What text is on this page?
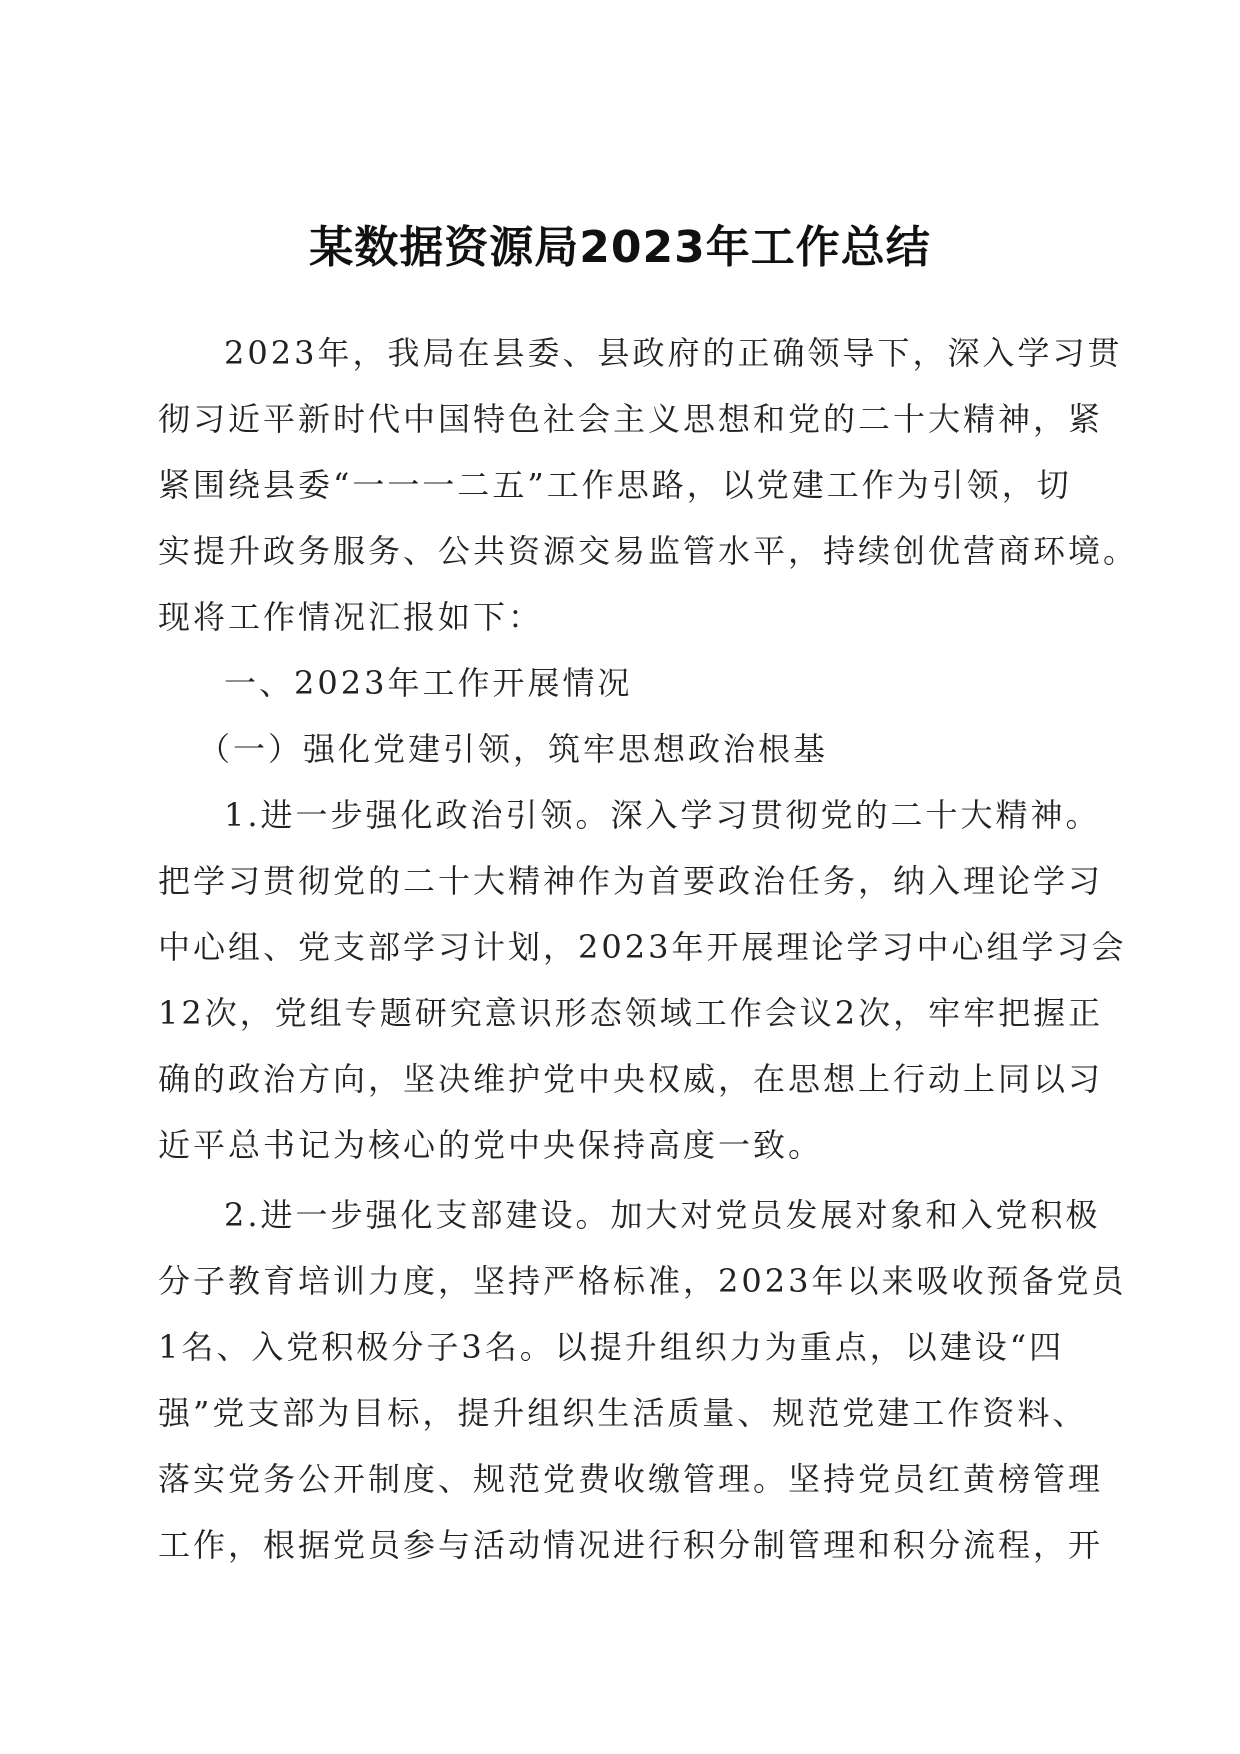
某数据资源局2023年工作总结
2023年，我局在县委、县政府的正确领导下，深入学习贯
彻习近平新时代中国特色社会主义思想和党的二十大精神，紧
紧围绕县委“一一一二五”工作思路，以党建工作为引领，切
实提升政务服务、公共资源交易监管水平，持续创优营商环境。
现将工作情况汇报如下：
一、2023年工作开展情况
（一）强化党建引领，筑牢思想政治根基
1.进一步强化政治引领。深入学习贯彻党的二十大精神。
把学习贯彻党的二十大精神作为首要政治任务，纳入理论学习
中心组、党支部学习计划，2023年开展理论学习中心组学习会
12次，党组专题研究意识形态领域工作会议2次，牢牢把握正
确的政治方向，坚决维护党中央权威，在思想上行动上同以习
近平总书记为核心的党中央保持高度一致。
2.进一步强化支部建设。加大对党员发展对象和入党积极
分子教育培训力度，坚持严格标准，2023年以来吸收预备党员
1名、入党积极分子3名。以提升组织力为重点，以建设“四
强”党支部为目标，提升组织生活质量、规范党建工作资料、
落实党务公开制度、规范党费收缴管理。坚持党员红黄榜管理
工作，根据党员参与活动情况进行积分制管理和积分流程，开
